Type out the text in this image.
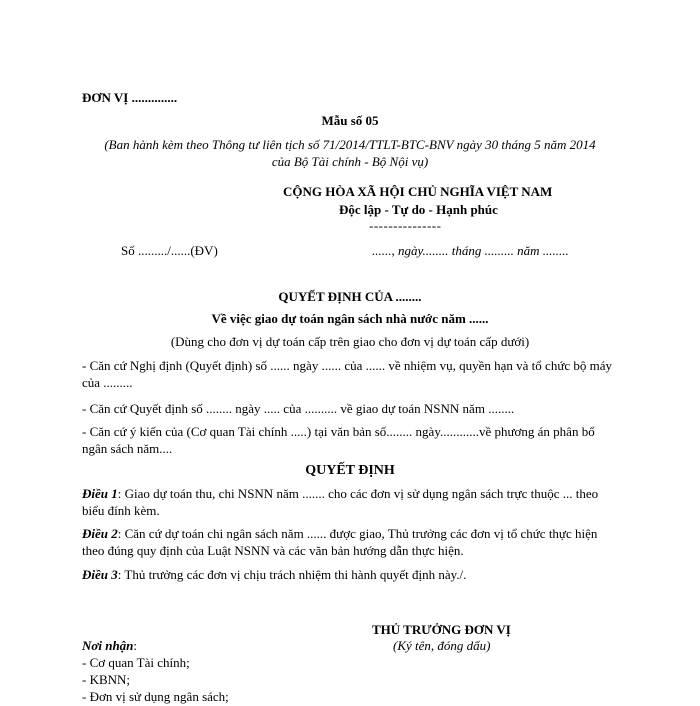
ĐƠN VỊ ..............
Mẫu số 05
(Ban hành kèm theo Thông tư liên tịch số 71/2014/TTLT-BTC-BNV ngày 30 tháng 5 năm 2014
của Bộ Tài chính - Bộ Nội vụ)
CỘNG HÒA XÃ HỘI CHỦ NGHĨA VIỆT NAM
Độc lập - Tự do - Hạnh phúc
---------------
Số ........./......(ĐV)	......, ngày........ tháng ......... năm ........
QUYẾT ĐỊNH CỦA ........
Về việc giao dự toán ngân sách nhà nước năm ......
(Dùng cho đơn vị dự toán cấp trên giao cho đơn vị dự toán cấp dưới)
- Căn cứ Nghị định (Quyết định) số ...... ngày ...... của ...... về nhiệm vụ, quyền hạn và tổ chức bộ máy của .........
- Căn cứ Quyết định số ........ ngày ..... của .......... về giao dự toán NSNN năm ........
- Căn cứ ý kiến của (Cơ quan Tài chính .....) tại văn bản số........ ngày............về phương án phân bổ ngân sách năm....
QUYẾT ĐỊNH
Điều 1: Giao dự toán thu, chi NSNN năm ....... cho các đơn vị sử dụng ngân sách trực thuộc ... theo biểu đính kèm.
Điều 2: Căn cứ dự toán chi ngân sách năm ...... được giao, Thủ trưởng các đơn vị tổ chức thực hiện theo đúng quy định của Luật NSNN và các văn bản hướng dẫn thực hiện.
Điều 3: Thủ trưởng các đơn vị chịu trách nhiệm thi hành quyết định này./.
THỦ TRƯỞNG ĐƠN VỊ
(Ký tên, đóng dấu)
Nơi nhận:
- Cơ quan Tài chính;
- KBNN;
- Đơn vị sử dụng ngân sách;
